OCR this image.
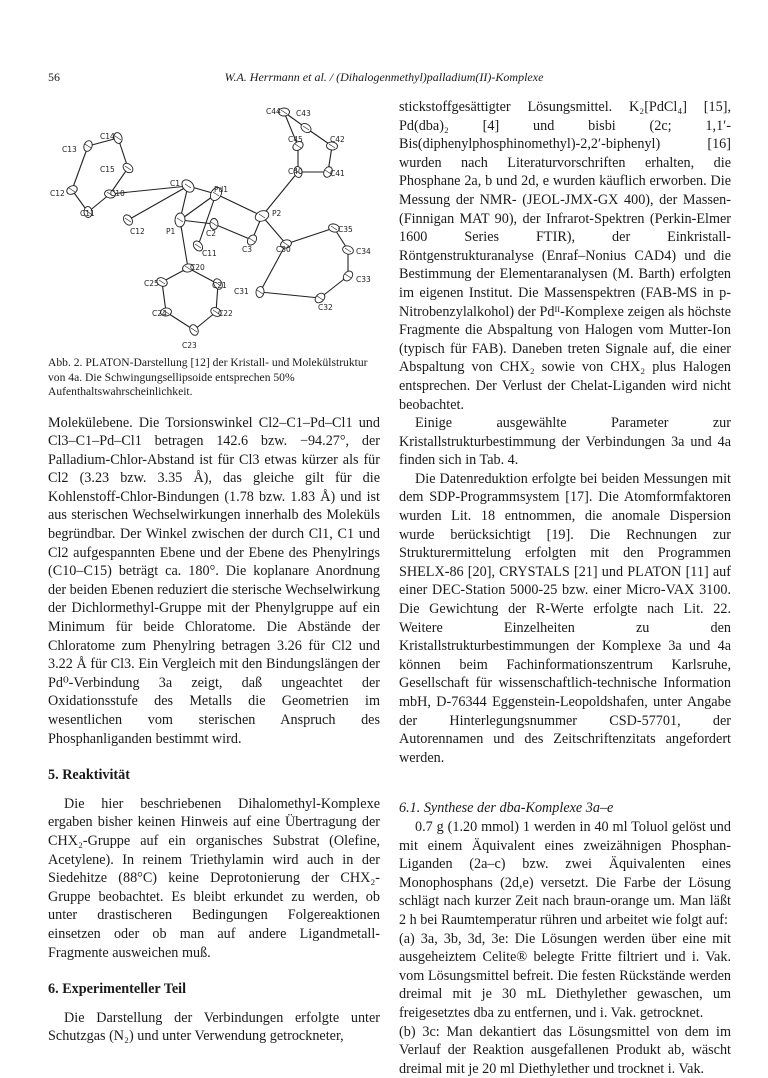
56	W.A. Herrmann et al. / (Dihalogenmethyl)palladium(II)-Komplexe
C44 C43
C14
C13
C45	C42
C15	C40	C41
C12	C10
C1
C11
Pd1
P2
C35
C11
C2
C3	C30	C34
C12	P1
C33
C20
C25	C21
C31
C32
C24	C22
C23

Abb. 2. PLATON-Darstellung [12] der Kristall- und Molekülstruktur von 4a. Die Schwingungsellipsoide entsprechen 50% Aufenthaltswahrscheinlichkeit.

Molekülebene. Die Torsionswinkel Cl2–C1–Pd–Cl1 und Cl3–C1–Pd–Cl1 betragen 142.6 bzw. −94.27°, der Palladium-Chlor-Abstand ist für Cl3 etwas kürzer als für Cl2 (3.23 bzw. 3.35 Å), das gleiche gilt für die Kohlenstoff-Chlor-Bindungen (1.78 bzw. 1.83 Å) und ist aus sterischen Wechselwirkungen innerhalb des Moleküls begründbar. Der Winkel zwischen der durch Cl1, C1 und Cl2 aufgespannten Ebene und der Ebene des Phenylrings (C10–C15) beträgt ca. 180°. Die koplanare Anordnung der beiden Ebenen reduziert die sterische Wechselwirkung der Dichlormethyl-Gruppe mit der Phenylgruppe auf ein Minimum für beide Chloratome. Die Abstände der Chloratome zum Phenylring betragen 3.26 für Cl2 und 3.22 Å für Cl3. Ein Vergleich mit den Bindungslängen der Pd⁰-Verbindung 3a zeigt, daß ungeachtet der Oxidationsstufe des Metalls die Geometrien im wesentlichen vom sterischen Anspruch des Phosphanliganden bestimmt wird.

5. Reaktivität

Die hier beschriebenen Dihalomethyl-Komplexe ergaben bisher keinen Hinweis auf eine Übertragung der CHX₂-Gruppe auf ein organisches Substrat (Olefine, Acetylene). In reinem Triethylamin wird auch in der Siedehitze (88°C) keine Deprotonierung der CHX₂-Gruppe beobachtet. Es bleibt erkundet zu werden, ob unter drastischeren Bedingungen Folgereaktionen einsetzen oder ob man auf andere Ligandmetall-Fragmente ausweichen muß.

6. Experimenteller Teil

Die Darstellung der Verbindungen erfolgte unter Schutzgas (N₂) und unter Verwendung getrockneter,

stickstoffgesättigter Lösungsmittel. K₂[PdCl₄] [15], Pd(dba)₂ [4] und bisbi (2c; 1,1′-Bis(diphenylphosphinomethyl)-2,2′-biphenyl) [16] wurden nach Literaturvorschriften erhalten, die Phosphane 2a, b und 2d, e wurden käuflich erworben. Die Messung der NMR- (JEOL-JMX-GX 400), der Massen- (Finnigan MAT 90), der Infrarot-Spektren (Perkin-Elmer 1600 Series FTIR), der Einkristall-Röntgenstrukturanalyse (Enraf–Nonius CAD4) und die Bestimmung der Elementaranalysen (M. Barth) erfolgten im eigenen Institut. Die Massenspektren (FAB-MS in p-Nitrobenzylalkohol) der Pdᴵᴵ-Komplexe zeigen als höchste Fragmente die Abspaltung von Halogen vom Mutter-Ion (typisch für FAB). Daneben treten Signale auf, die einer Abspaltung von CHX₂ sowie von CHX₂ plus Halogen entsprechen. Der Verlust der Chelat-Liganden wird nicht beobachtet.

Einige ausgewählte Parameter zur Kristallstrukturbestimmung der Verbindungen 3a und 4a finden sich in Tab. 4.

Die Datenreduktion erfolgte bei beiden Messungen mit dem SDP-Programmsystem [17]. Die Atomformfaktoren wurden Lit. 18 entnommen, die anomale Dispersion wurde berücksichtigt [19]. Die Rechnungen zur Strukturermittelung erfolgten mit den Programmen SHELX-86 [20], CRYSTALS [21] und PLATON [11] auf einer DEC-Station 5000-25 bzw. einer Micro-VAX 3100. Die Gewichtung der R-Werte erfolgte nach Lit. 22. Weitere Einzelheiten zu den Kristallstrukturbestimmungen der Komplexe 3a und 4a können beim Fachinformationszentrum Karlsruhe, Gesellschaft für wissenschaftlich-technische Information mbH, D-76344 Eggenstein-Leopoldshafen, unter Angabe der Hinterlegungsnummer CSD-57701, der Autorennamen und des Zeitschriftenzitats angefordert werden.

6.1. Synthese der dba-Komplexe 3a–e

0.7 g (1.20 mmol) 1 werden in 40 ml Toluol gelöst und mit einem Äquivalent eines zweizähnigen Phosphan-Liganden (2a–c) bzw. zwei Äquivalenten eines Monophosphans (2d,e) versetzt. Die Farbe der Lösung schlägt nach kurzer Zeit nach braun-orange um. Man läßt 2 h bei Raumtemperatur rühren und arbeitet wie folgt auf:

(a) 3a, 3b, 3d, 3e: Die Lösungen werden über eine mit ausgeheiztem Celite® belegte Fritte filtriert und i. Vak. vom Lösungsmittel befreit. Die festen Rückstände werden dreimal mit je 30 mL Diethylether gewaschen, um freigesetztes dba zu entfernen, und i. Vak. getrocknet.

(b) 3c: Man dekantiert das Lösungsmittel von dem im Verlauf der Reaktion ausgefallenen Produkt ab, wäscht dreimal mit je 20 ml Diethylether und trocknet i. Vak.
